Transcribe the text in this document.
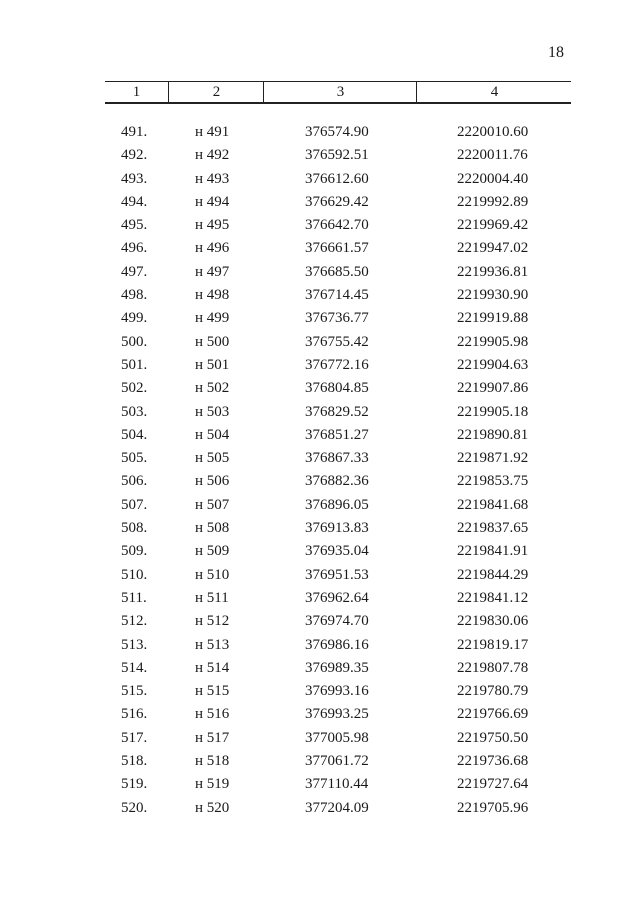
18
1	2	3	4
491.	н 491	376574.90	2220010.60
492.	н 492	376592.51	2220011.76
493.	н 493	376612.60	2220004.40
494.	н 494	376629.42	2219992.89
495.	н 495	376642.70	2219969.42
496.	н 496	376661.57	2219947.02
497.	н 497	376685.50	2219936.81
498.	н 498	376714.45	2219930.90
499.	н 499	376736.77	2219919.88
500.	н 500	376755.42	2219905.98
501.	н 501	376772.16	2219904.63
502.	н 502	376804.85	2219907.86
503.	н 503	376829.52	2219905.18
504.	н 504	376851.27	2219890.81
505.	н 505	376867.33	2219871.92
506.	н 506	376882.36	2219853.75
507.	н 507	376896.05	2219841.68
508.	н 508	376913.83	2219837.65
509.	н 509	376935.04	2219841.91
510.	н 510	376951.53	2219844.29
511.	н 511	376962.64	2219841.12
512.	н 512	376974.70	2219830.06
513.	н 513	376986.16	2219819.17
514.	н 514	376989.35	2219807.78
515.	н 515	376993.16	2219780.79
516.	н 516	376993.25	2219766.69
517.	н 517	377005.98	2219750.50
518.	н 518	377061.72	2219736.68
519.	н 519	377110.44	2219727.64
520.	н 520	377204.09	2219705.96
